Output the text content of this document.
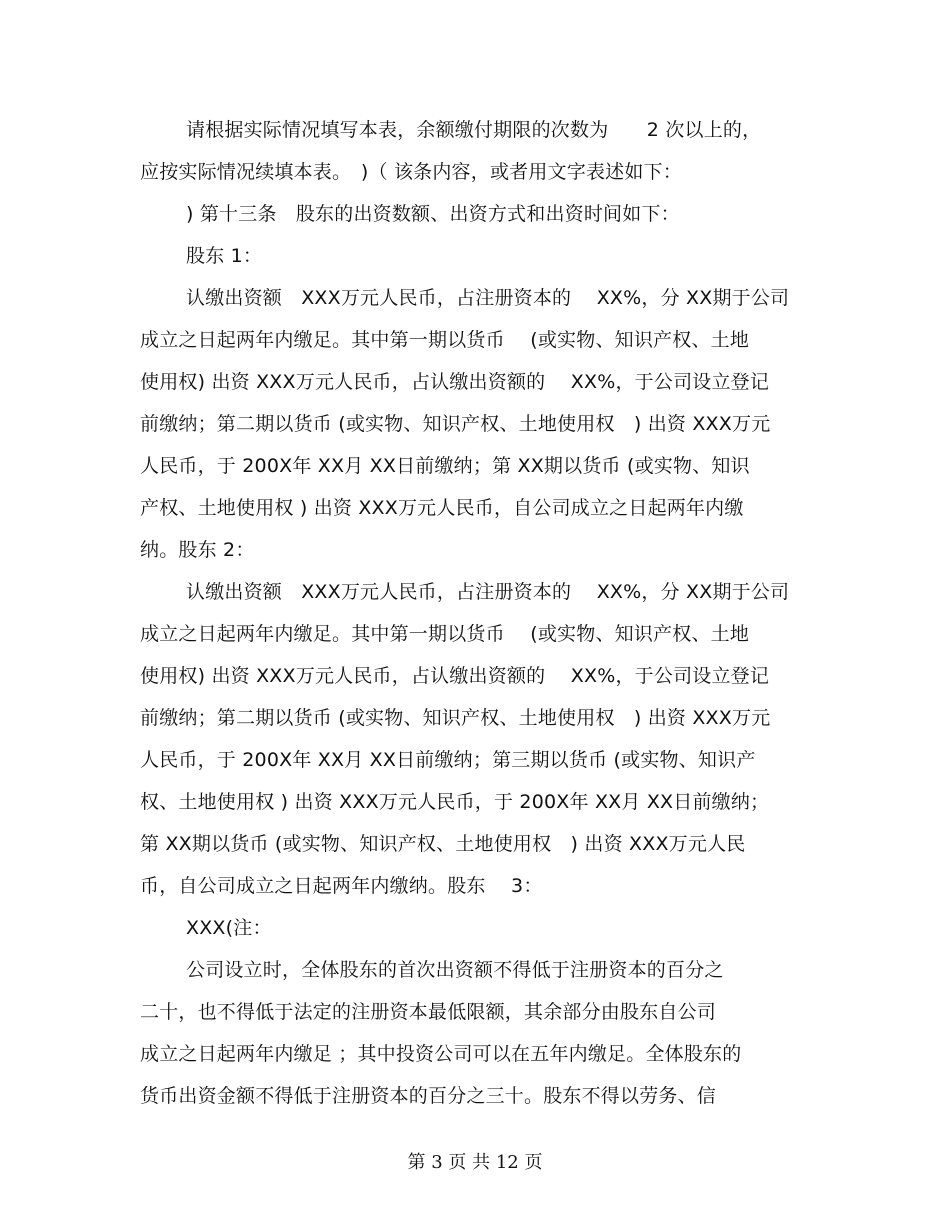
请根据实际情况填写本表，余额缴付期限的次数为　　2 次以上的，
应按实际情况续填本表。　)（ 该条内容，或者用文字表述如下：
) 第十三条　股东的出资数额、出资方式和出资时间如下：
股东 1：
认缴出资额　XXX万元人民币，占注册资本的　 XX%，分 XX期于公司
成立之日起两年内缴足。其中第一期以货币　 (或实物、知识产权、土地
使用权) 出资 XXX万元人民币，占认缴出资额的　 XX%，于公司设立登记
前缴纳；第二期以货币 (或实物、知识产权、土地使用权　) 出资 XXX万元
人民币，于 200X年 XX月 XX日前缴纳；第 XX期以货币 (或实物、知识
产权、土地使用权 ) 出资 XXX万元人民币，自公司成立之日起两年内缴
纳。股东 2：
认缴出资额　XXX万元人民币，占注册资本的　 XX%，分 XX期于公司
成立之日起两年内缴足。其中第一期以货币　 (或实物、知识产权、土地
使用权) 出资 XXX万元人民币，占认缴出资额的　 XX%，于公司设立登记
前缴纳；第二期以货币 (或实物、知识产权、土地使用权　) 出资 XXX万元
人民币，于 200X年 XX月 XX日前缴纳；第三期以货币 (或实物、知识产
权、土地使用权 ) 出资 XXX万元人民币，于 200X年 XX月 XX日前缴纳；
第 XX期以货币 (或实物、知识产权、土地使用权　) 出资 XXX万元人民
币，自公司成立之日起两年内缴纳。股东　 3：
XXX(注：
公司设立时，全体股东的首次出资额不得低于注册资本的百分之
二十，也不得低于法定的注册资本最低限额，其余部分由股东自公司
成立之日起两年内缴足 ；其中投资公司可以在五年内缴足。全体股东的
货币出资金额不得低于注册资本的百分之三十。股东不得以劳务、信
第 3 页 共 12 页
